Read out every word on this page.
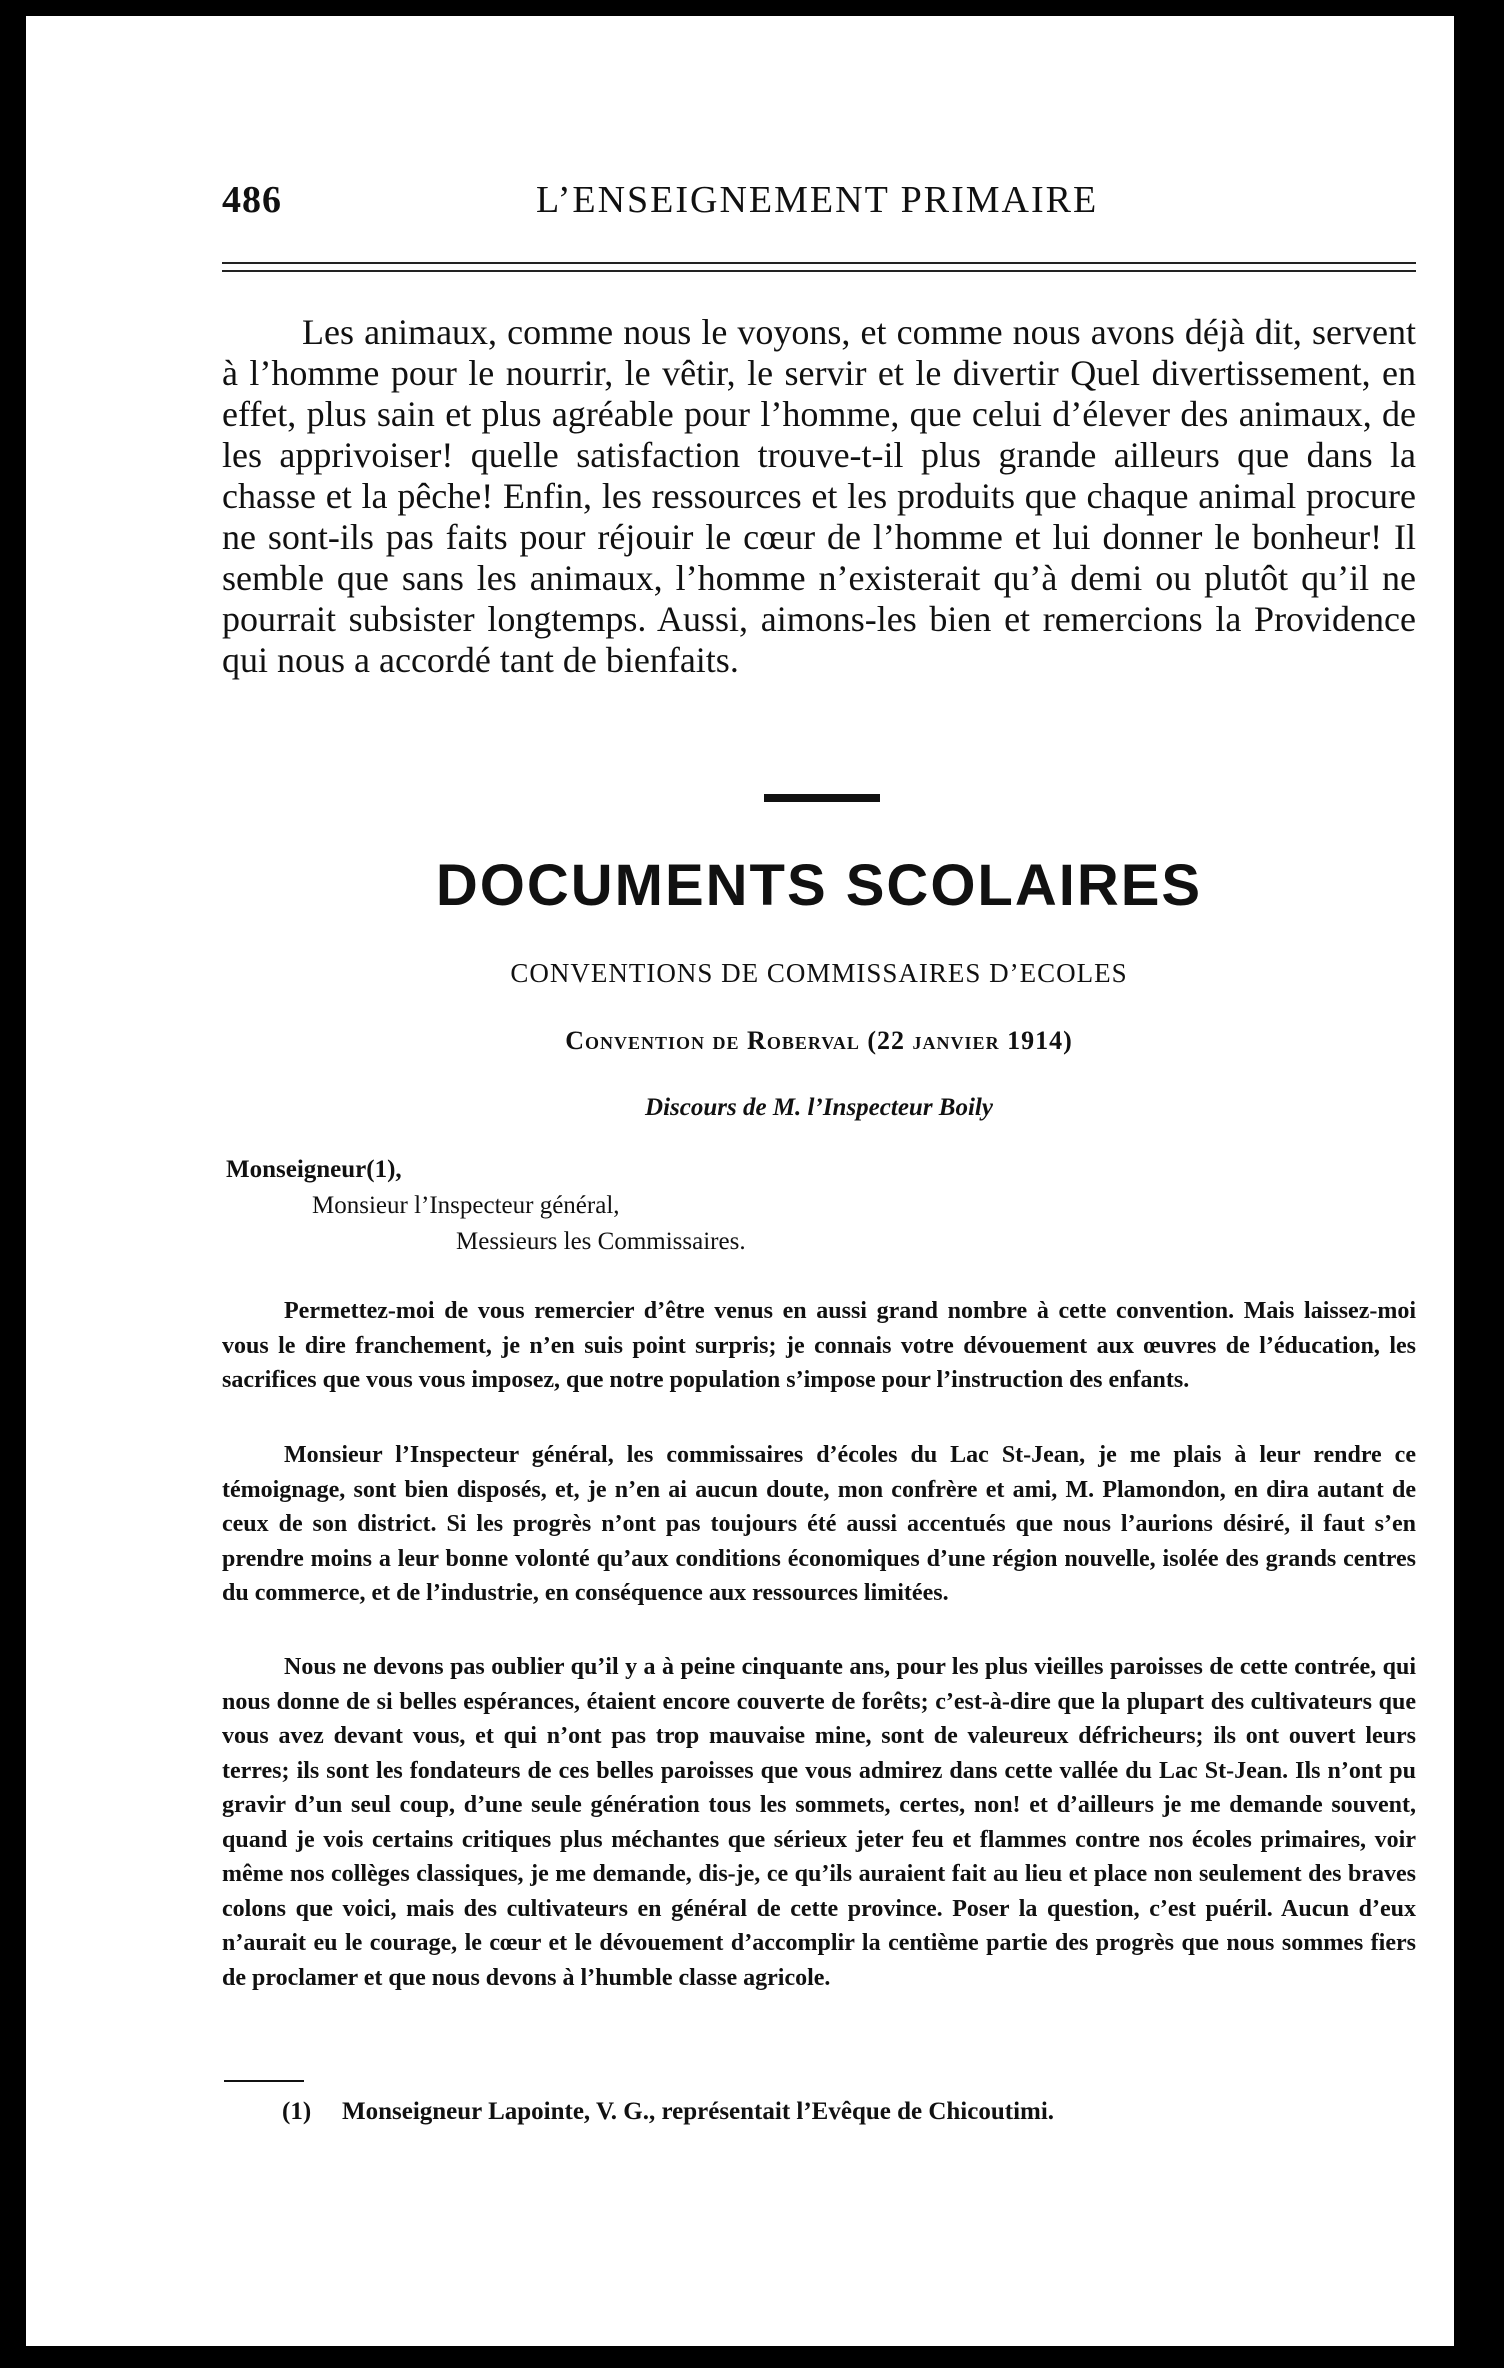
486	L’ENSEIGNEMENT PRIMAIRE

Les animaux, comme nous le voyons, et comme nous avons déjà dit, servent à l’homme pour le nourrir, le vêtir, le servir et le divertir Quel divertissement, en effet, plus sain et plus agréable pour l’homme, que celui d’élever des animaux, de les apprivoiser! quelle satisfaction trouve-t-il plus grande ailleurs que dans la chasse et la pêche! Enfin, les ressources et les produits que chaque animal procure ne sont-ils pas faits pour réjouir le cœur de l’homme et lui donner le bonheur! Il semble que sans les animaux, l’homme n’existerait qu’à demi ou plutôt qu’il ne pourrait subsister longtemps. Aussi, aimons-les bien et remercions la Providence qui nous a accordé tant de bienfaits.

DOCUMENTS SCOLAIRES
CONVENTIONS DE COMMISSAIRES D’ECOLES
Convention de Roberval (22 janvier 1914)
Discours de M. l’Inspecteur Boily
Monseigneur(1),
Monsieur l’Inspecteur général,
Messieurs les Commissaires.

Permettez-moi de vous remercier d’être venus en aussi grand nombre à cette convention. Mais laissez-moi vous le dire franchement, je n’en suis point surpris; je connais votre dévouement aux œuvres de l’éducation, les sacrifices que vous vous imposez, que notre population s’impose pour l’instruction des enfants.

Monsieur l’Inspecteur général, les commissaires d’écoles du Lac St-Jean, je me plais à leur rendre ce témoignage, sont bien disposés, et, je n’en ai aucun doute, mon confrère et ami, M. Plamondon, en dira autant de ceux de son district. Si les progrès n’ont pas toujours été aussi accentués que nous l’aurions désiré, il faut s’en prendre moins a leur bonne volonté qu’aux conditions économiques d’une région nouvelle, isolée des grands centres du commerce, et de l’industrie, en conséquence aux ressources limitées.

Nous ne devons pas oublier qu’il y a à peine cinquante ans, pour les plus vieilles paroisses de cette contrée, qui nous donne de si belles espérances, étaient encore couverte de forêts; c’est-à-dire que la plupart des cultivateurs que vous avez devant vous, et qui n’ont pas trop mauvaise mine, sont de valeureux défricheurs; ils ont ouvert leurs terres; ils sont les fondateurs de ces belles paroisses que vous admirez dans cette vallée du Lac St-Jean. Ils n’ont pu gravir d’un seul coup, d’une seule génération tous les sommets, certes, non! et d’ailleurs je me demande souvent, quand je vois certains critiques plus méchantes que sérieux jeter feu et flammes contre nos écoles primaires, voir même nos collèges classiques, je me demande, dis-je, ce qu’ils auraient fait au lieu et place non seulement des braves colons que voici, mais des cultivateurs en général de cette province. Poser la question, c’est puéril. Aucun d’eux n’aurait eu le courage, le cœur et le dévouement d’accomplir la centième partie des progrès que nous sommes fiers de proclamer et que nous devons à l’humble classe agricole.

(1) Monseigneur Lapointe, V. G., représentait l’Evêque de Chicoutimi.
